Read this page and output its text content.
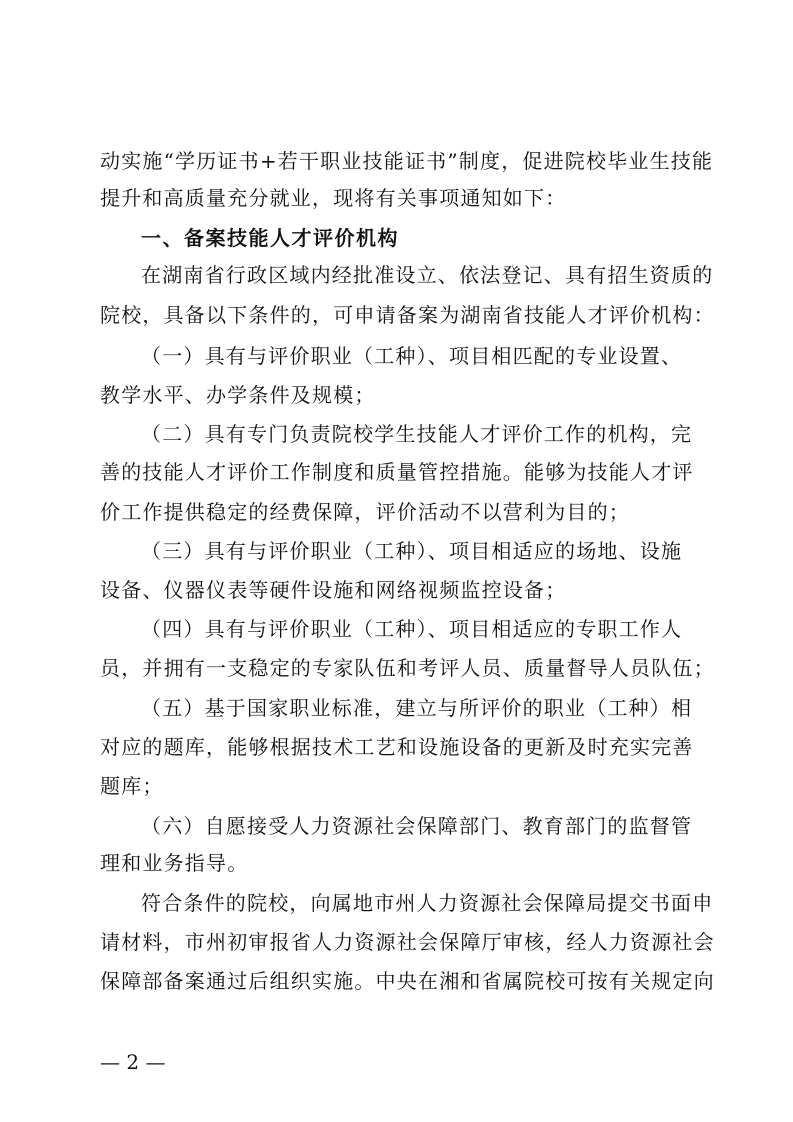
动实施“学历证书+若干职业技能证书”制度，促进院校毕业生技能
提升和高质量充分就业，现将有关事项通知如下：
一、备案技能人才评价机构
在湖南省行政区域内经批准设立、依法登记、具有招生资质的
院校，具备以下条件的，可申请备案为湖南省技能人才评价机构：
（一）具有与评价职业（工种）、项目相匹配的专业设置、
教学水平、办学条件及规模；
（二）具有专门负责院校学生技能人才评价工作的机构，完
善的技能人才评价工作制度和质量管控措施。能够为技能人才评
价工作提供稳定的经费保障，评价活动不以营利为目的；
（三）具有与评价职业（工种）、项目相适应的场地、设施
设备、仪器仪表等硬件设施和网络视频监控设备；
（四）具有与评价职业（工种）、项目相适应的专职工作人
员，并拥有一支稳定的专家队伍和考评人员、质量督导人员队伍；
（五）基于国家职业标准，建立与所评价的职业（工种）相
对应的题库，能够根据技术工艺和设施设备的更新及时充实完善
题库；
（六）自愿接受人力资源社会保障部门、教育部门的监督管
理和业务指导。
符合条件的院校，向属地市州人力资源社会保障局提交书面申
请材料，市州初审报省人力资源社会保障厅审核，经人力资源社会
保障部备案通过后组织实施。中央在湘和省属院校可按有关规定向
— 2 —
